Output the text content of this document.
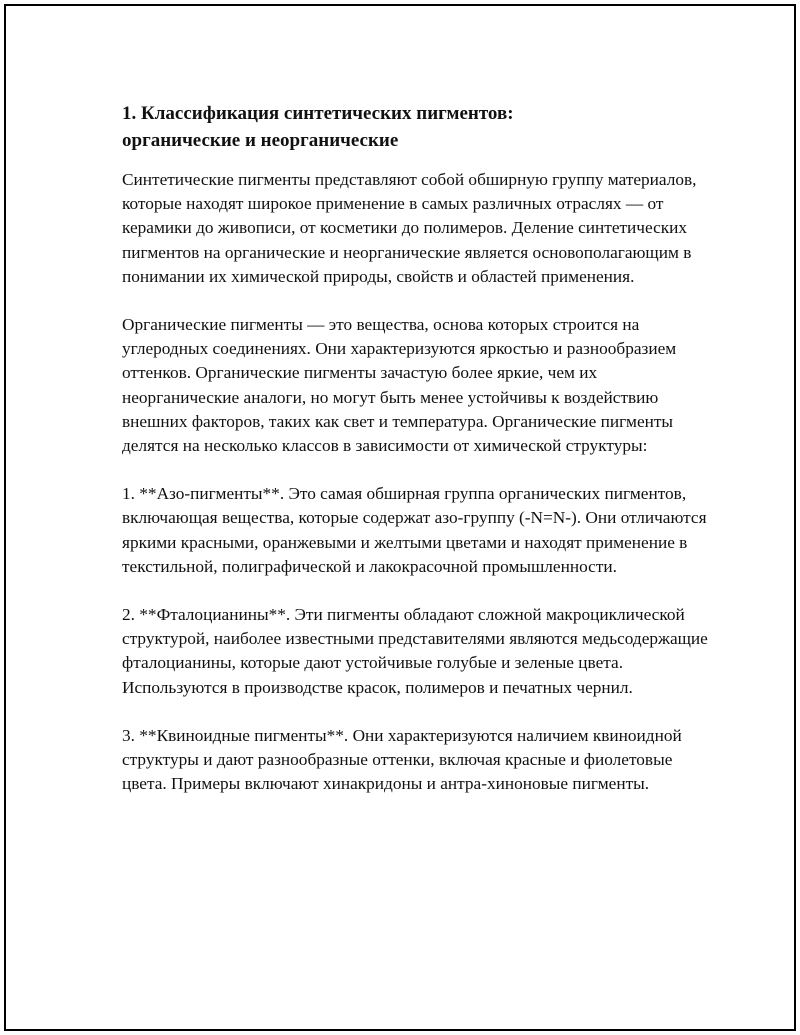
1. Классификация синтетических пигментов:
органические и неорганические

Синтетические пигменты представляют собой обширную группу материалов, которые находят широкое применение в самых различных отраслях — от керамики до живописи, от косметики до полимеров. Деление синтетических пигментов на органические и неорганические является основополагающим в понимании их химической природы, свойств и областей применения.

Органические пигменты — это вещества, основа которых строится на углеродных соединениях. Они характеризуются яркостью и разнообразием оттенков. Органические пигменты зачастую более яркие, чем их неорганические аналоги, но могут быть менее устойчивы к воздействию внешних факторов, таких как свет и температура. Органические пигменты делятся на несколько классов в зависимости от химической структуры:

1. **Азо-пигменты**. Это самая обширная группа органических пигментов, включающая вещества, которые содержат азо-группу (-N=N-). Они отличаются яркими красными, оранжевыми и желтыми цветами и находят применение в текстильной, полиграфической и лакокрасочной промышленности.

2. **Фталоцианины**. Эти пигменты обладают сложной макроциклической структурой, наиболее известными представителями являются медьсодержащие фталоцианины, которые дают устойчивые голубые и зеленые цвета. Используются в производстве красок, полимеров и печатных чернил.

3. **Квиноидные пигменты**. Они характеризуются наличием квиноидной структуры и дают разнообразные оттенки, включая красные и фиолетовые цвета. Примеры включают хинакридоны и антра-хиноновые пигменты.
